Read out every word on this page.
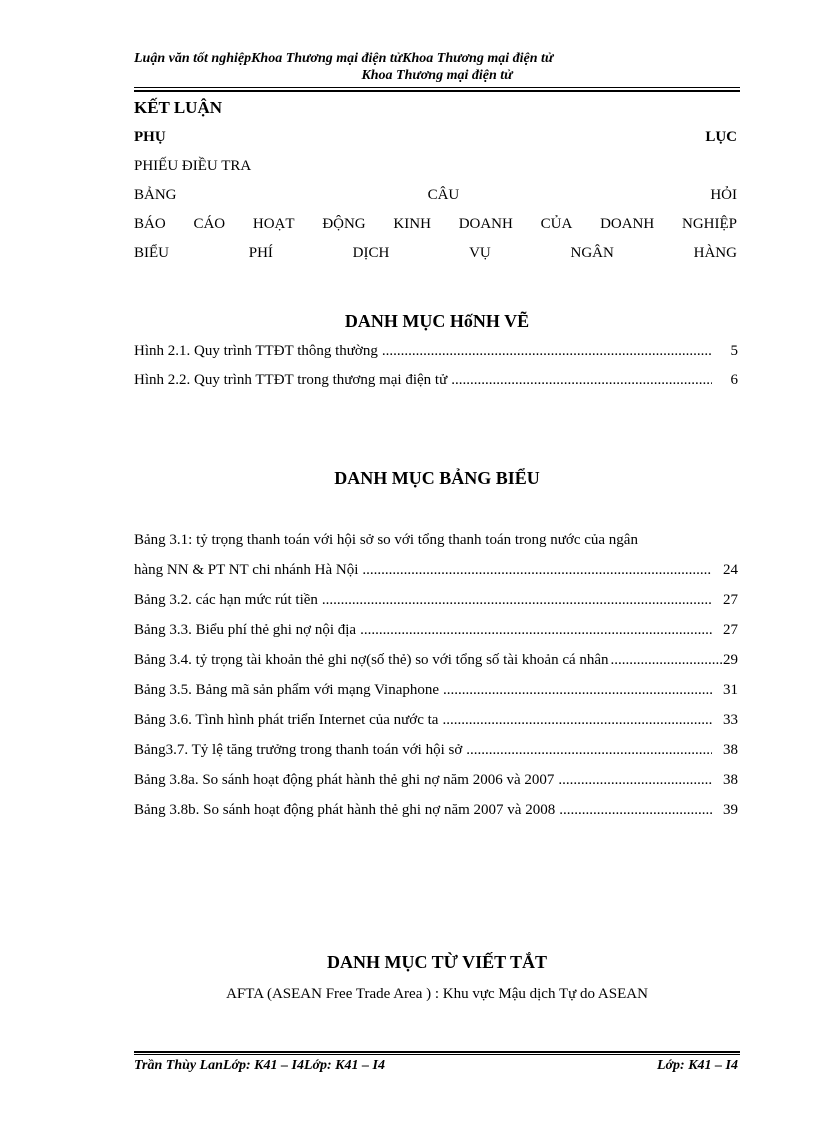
Luận văn tốt nghiệpKhoa Thương mại điện tửKhoa Thương mại điện tử
Khoa Thương mại điện tử
KẾT LUẬN
PHỤ	LỤC
PHIẾU ĐIỀU TRA
BẢNG	CÂU	HỎI
BÁO CÁO HOẠT ĐỘNG KINH DOANH CỦA DOANH NGHIỆP
BIỂU	PHÍ	DỊCH	VỤ	NGÂN	HÀNG
DANH MỤC HốNH VẼ
Hình 2.1. Quy trình TTĐT thông thường .....	5
Hình 2.2. Quy trình TTĐT trong thương mại điện tử .....	6
DANH MỤC BẢNG BIỂU
Bảng 3.1: tỷ trọng thanh toán với hội sở so với tổng thanh toán trong nước của ngân
hàng NN & PT NT chi nhánh Hà Nội .....	24
Bảng 3.2. các hạn mức rút tiền .....	27
Bảng 3.3. Biểu phí thẻ ghi nợ nội địa .....	27
Bảng 3.4. tỷ trọng tài khoản thẻ ghi nợ(số thẻ) so với tổng số tài khoản cá nhân .....	29
Bảng 3.5. Bảng mã sản phẩm với mạng Vinaphone .....	31
Bảng 3.6. Tình hình phát triển Internet của nước ta .....	33
Bảng3.7. Tỷ lệ tăng trưởng trong thanh toán với hội sở .....	38
Bảng 3.8a. So sánh hoạt động phát hành thẻ ghi nợ năm 2006 và 2007 .....	38
Bảng 3.8b. So sánh hoạt động phát hành thẻ ghi nợ năm 2007 và 2008 .....	39
DANH MỤC TỪ VIẾT TẮT
AFTA (ASEAN Free Trade Area ) : Khu vực Mậu dịch Tự do ASEAN
Trần Thùy LanLớp: K41 – I4Lớp: K41 – I4	Lớp: K41 – I4
